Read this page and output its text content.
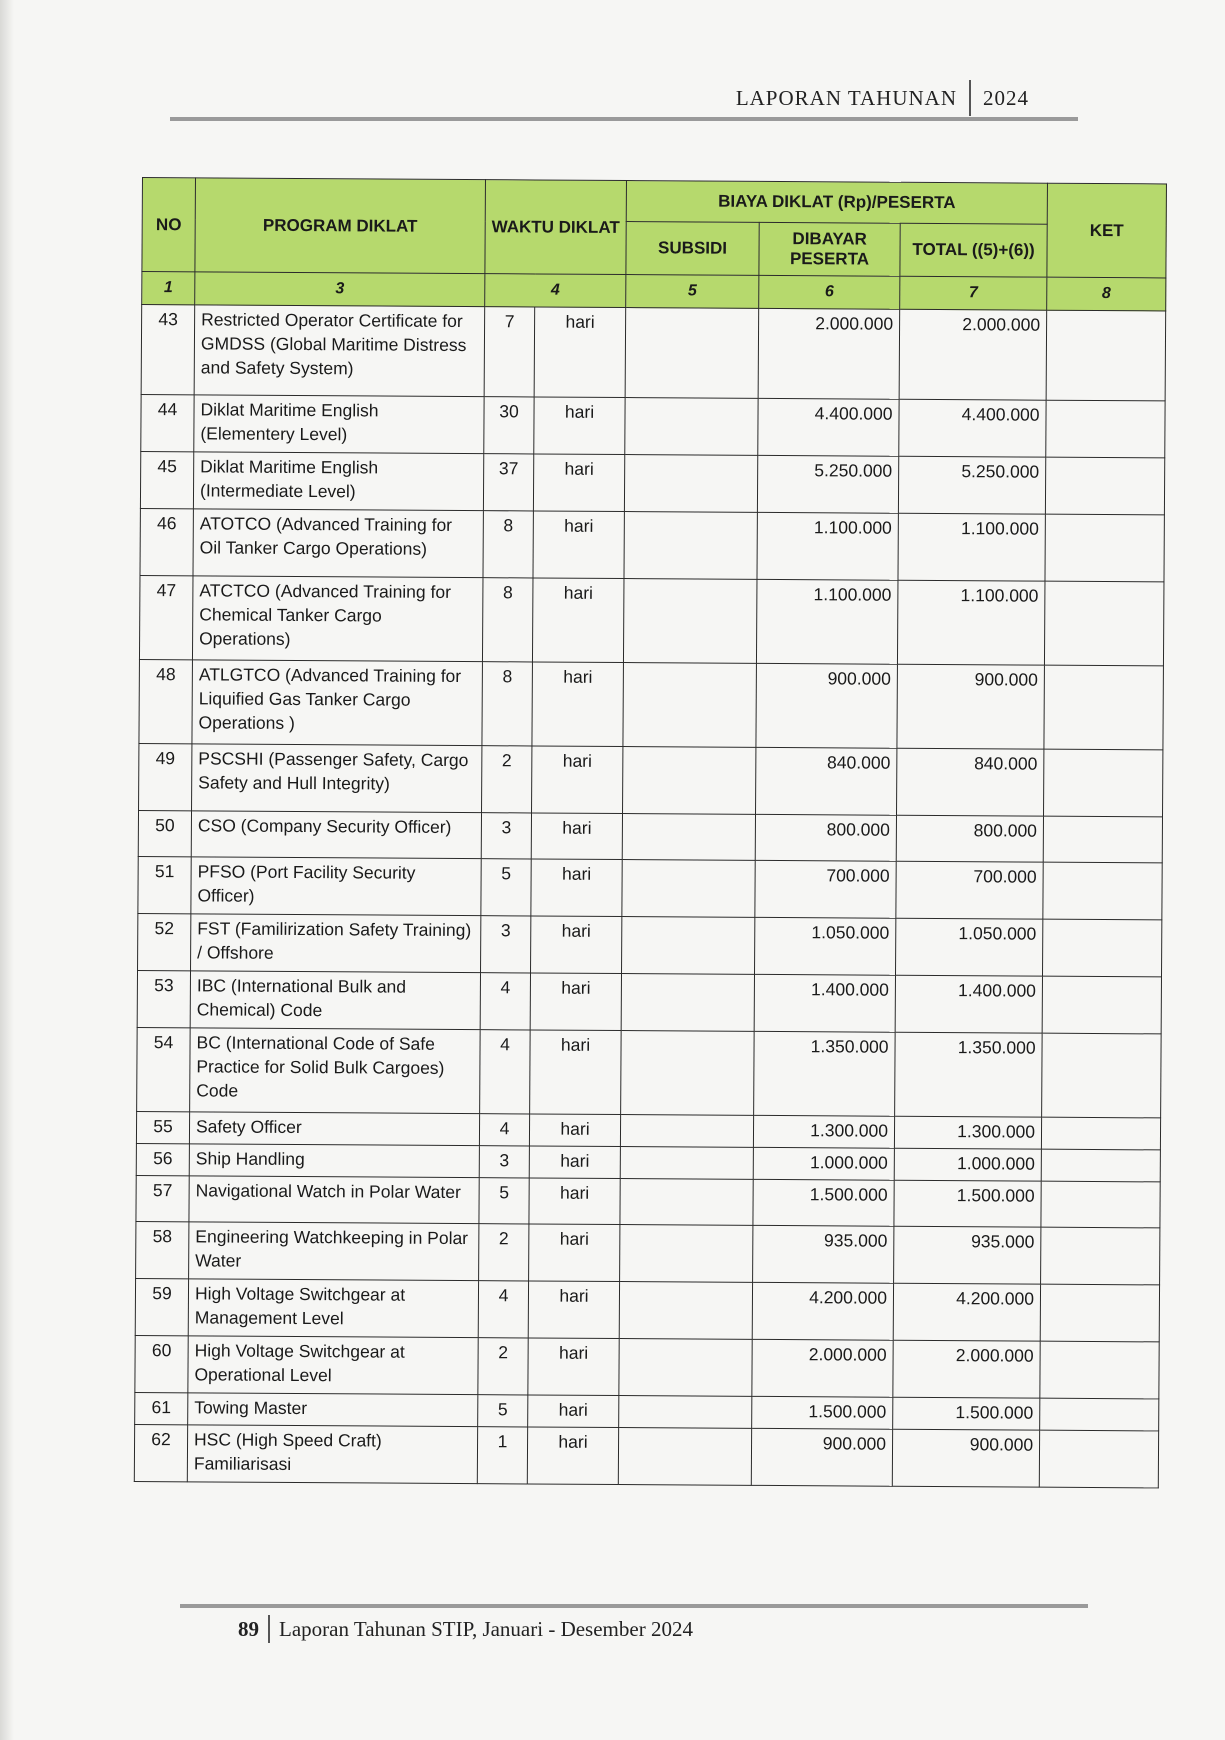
LAPORAN TAHUNAN 2024
NO	PROGRAM DIKLAT	WAKTU DIKLAT		BIAYA DIKLAT (Rp)/PESERTA			KET
				SUBSIDI	DIBAYAR PESERTA	TOTAL ((5)+(6))	
1	3	4		5	6	7	8
43	Restricted Operator Certificate for GMDSS (Global Maritime Distress and Safety System)	7	hari		2.000.000	2.000.000	
44	Diklat Maritime English (Elementery Level)	30	hari		4.400.000	4.400.000	
45	Diklat Maritime English (Intermediate Level)	37	hari		5.250.000	5.250.000	
46	ATOTCO (Advanced Training for Oil Tanker Cargo Operations)	8	hari		1.100.000	1.100.000	
47	ATCTCO (Advanced Training for Chemical Tanker Cargo Operations)	8	hari		1.100.000	1.100.000	
48	ATLGTCO (Advanced Training for Liquified Gas Tanker Cargo Operations )	8	hari		900.000	900.000	
49	PSCSHI (Passenger Safety, Cargo Safety and Hull Integrity)	2	hari		840.000	840.000	
50	CSO (Company Security Officer)	3	hari		800.000	800.000	
51	PFSO (Port Facility Security Officer)	5	hari		700.000	700.000	
52	FST (Familirization Safety Training) / Offshore	3	hari		1.050.000	1.050.000	
53	IBC (International Bulk and Chemical) Code	4	hari		1.400.000	1.400.000	
54	BC (International Code of Safe Practice for Solid Bulk Cargoes) Code	4	hari		1.350.000	1.350.000	
55	Safety Officer	4	hari		1.300.000	1.300.000	
56	Ship Handling	3	hari		1.000.000	1.000.000	
57	Navigational Watch in Polar Water	5	hari		1.500.000	1.500.000	
58	Engineering Watchkeeping in Polar Water	2	hari		935.000	935.000	
59	High Voltage Switchgear at Management Level	4	hari		4.200.000	4.200.000	
60	High Voltage Switchgear at Operational Level	2	hari		2.000.000	2.000.000	
61	Towing Master	5	hari		1.500.000	1.500.000	
62	HSC (High Speed Craft) Familiarisasi	1	hari		900.000	900.000	
89 Laporan Tahunan STIP, Januari - Desember 2024
